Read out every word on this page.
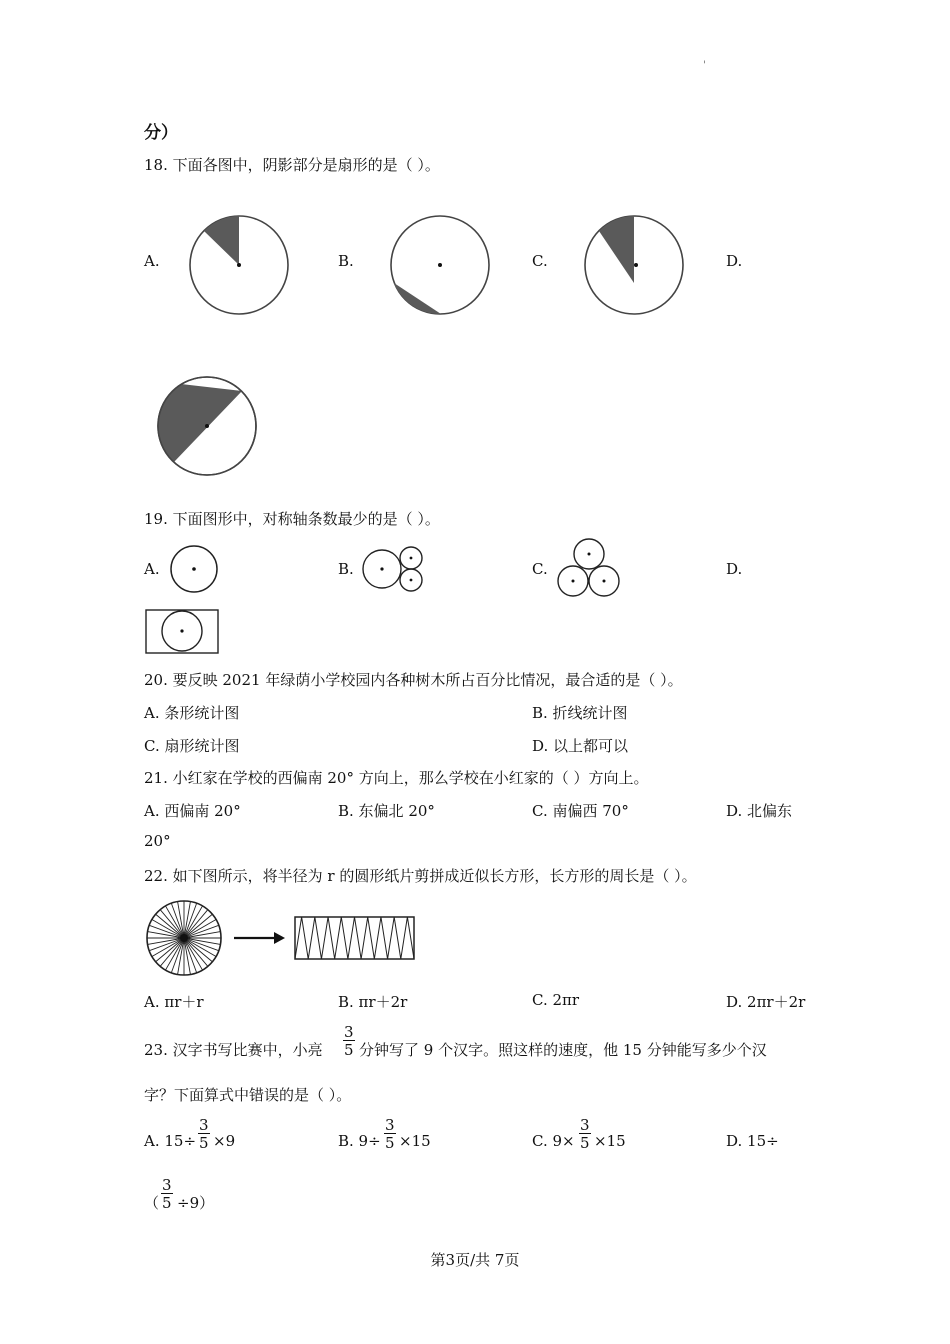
'
分）
18. 下面各图中，阴影部分是扇形的是（ ）。
A.	B.	C.	D.
19. 下面图形中，对称轴条数最少的是（ ）。
A.	B.	C.	D.
20. 要反映 2021 年绿荫小学校园内各种树木所占百分比情况，最合适的是（ ）。
A. 条形统计图	B. 折线统计图
C. 扇形统计图	D. 以上都可以
21. 小红家在学校的西偏南 20° 方向上，那么学校在小红家的（ ）方向上。
A. 西偏南 20°	B. 东偏北 20°	C. 南偏西 70°	D. 北偏东
20°
22. 如下图所示，将半径为 r 的圆形纸片剪拼成近似长方形，长方形的周长是（ ）。
A. πr＋r	B. πr＋2r	C. 2πr	D. 2πr＋2r
23. 汉字书写比赛中，小亮 $\frac{3}{5}$ 分钟写了 9 个汉字。照这样的速度，他 15 分钟能写多少个汉
字？下面算式中错误的是（ ）。
A. $15\div \frac{3}{5} \times 9$	B. $9\div \frac{3}{5} \times 15$	C. $9\times \frac{3}{5} \times 15$	D. 15÷
（ $\frac{3}{5} \div 9$）
第3页/共 7页
